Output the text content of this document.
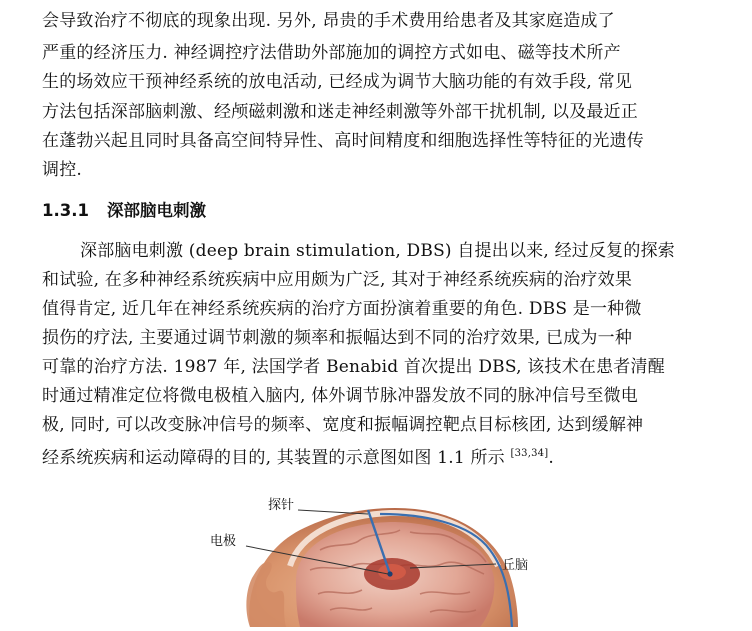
会导致治疗不彻底的现象出现. 另外, 昂贵的手术费用给患者及其家庭造成了
严重的经济压力. 神经调控疗法借助外部施加的调控方式如电、磁等技术所产
生的场效应干预神经系统的放电活动, 已经成为调节大脑功能的有效手段, 常见
方法包括深部脑刺激、经颅磁刺激和迷走神经刺激等外部干扰机制, 以及最近正
在蓬勃兴起且同时具备高空间特异性、高时间精度和细胞选择性等特征的光遗传
调控.
1.3.1 深部脑电刺激
深部脑电刺激 (deep brain stimulation, DBS) 自提出以来, 经过反复的探索
和试验, 在多种神经系统疾病中应用颇为广泛, 其对于神经系统疾病的治疗效果
值得肯定, 近几年在神经系统疾病的治疗方面扮演着重要的角色. DBS 是一种微
损伤的疗法, 主要通过调节刺激的频率和振幅达到不同的治疗效果, 已成为一种
可靠的治疗方法. 1987 年, 法国学者 Benabid 首次提出 DBS, 该技术在患者清醒
时通过精准定位将微电极植入脑内, 体外调节脉冲器发放不同的脉冲信号至微电
极, 同时, 可以改变脉冲信号的频率、宽度和振幅调控靶点目标核团, 达到缓解神
经系统疾病和运动障碍的目的, 其装置的示意图如图 1.1 所示 [33,34].
探针
电极
丘脑
